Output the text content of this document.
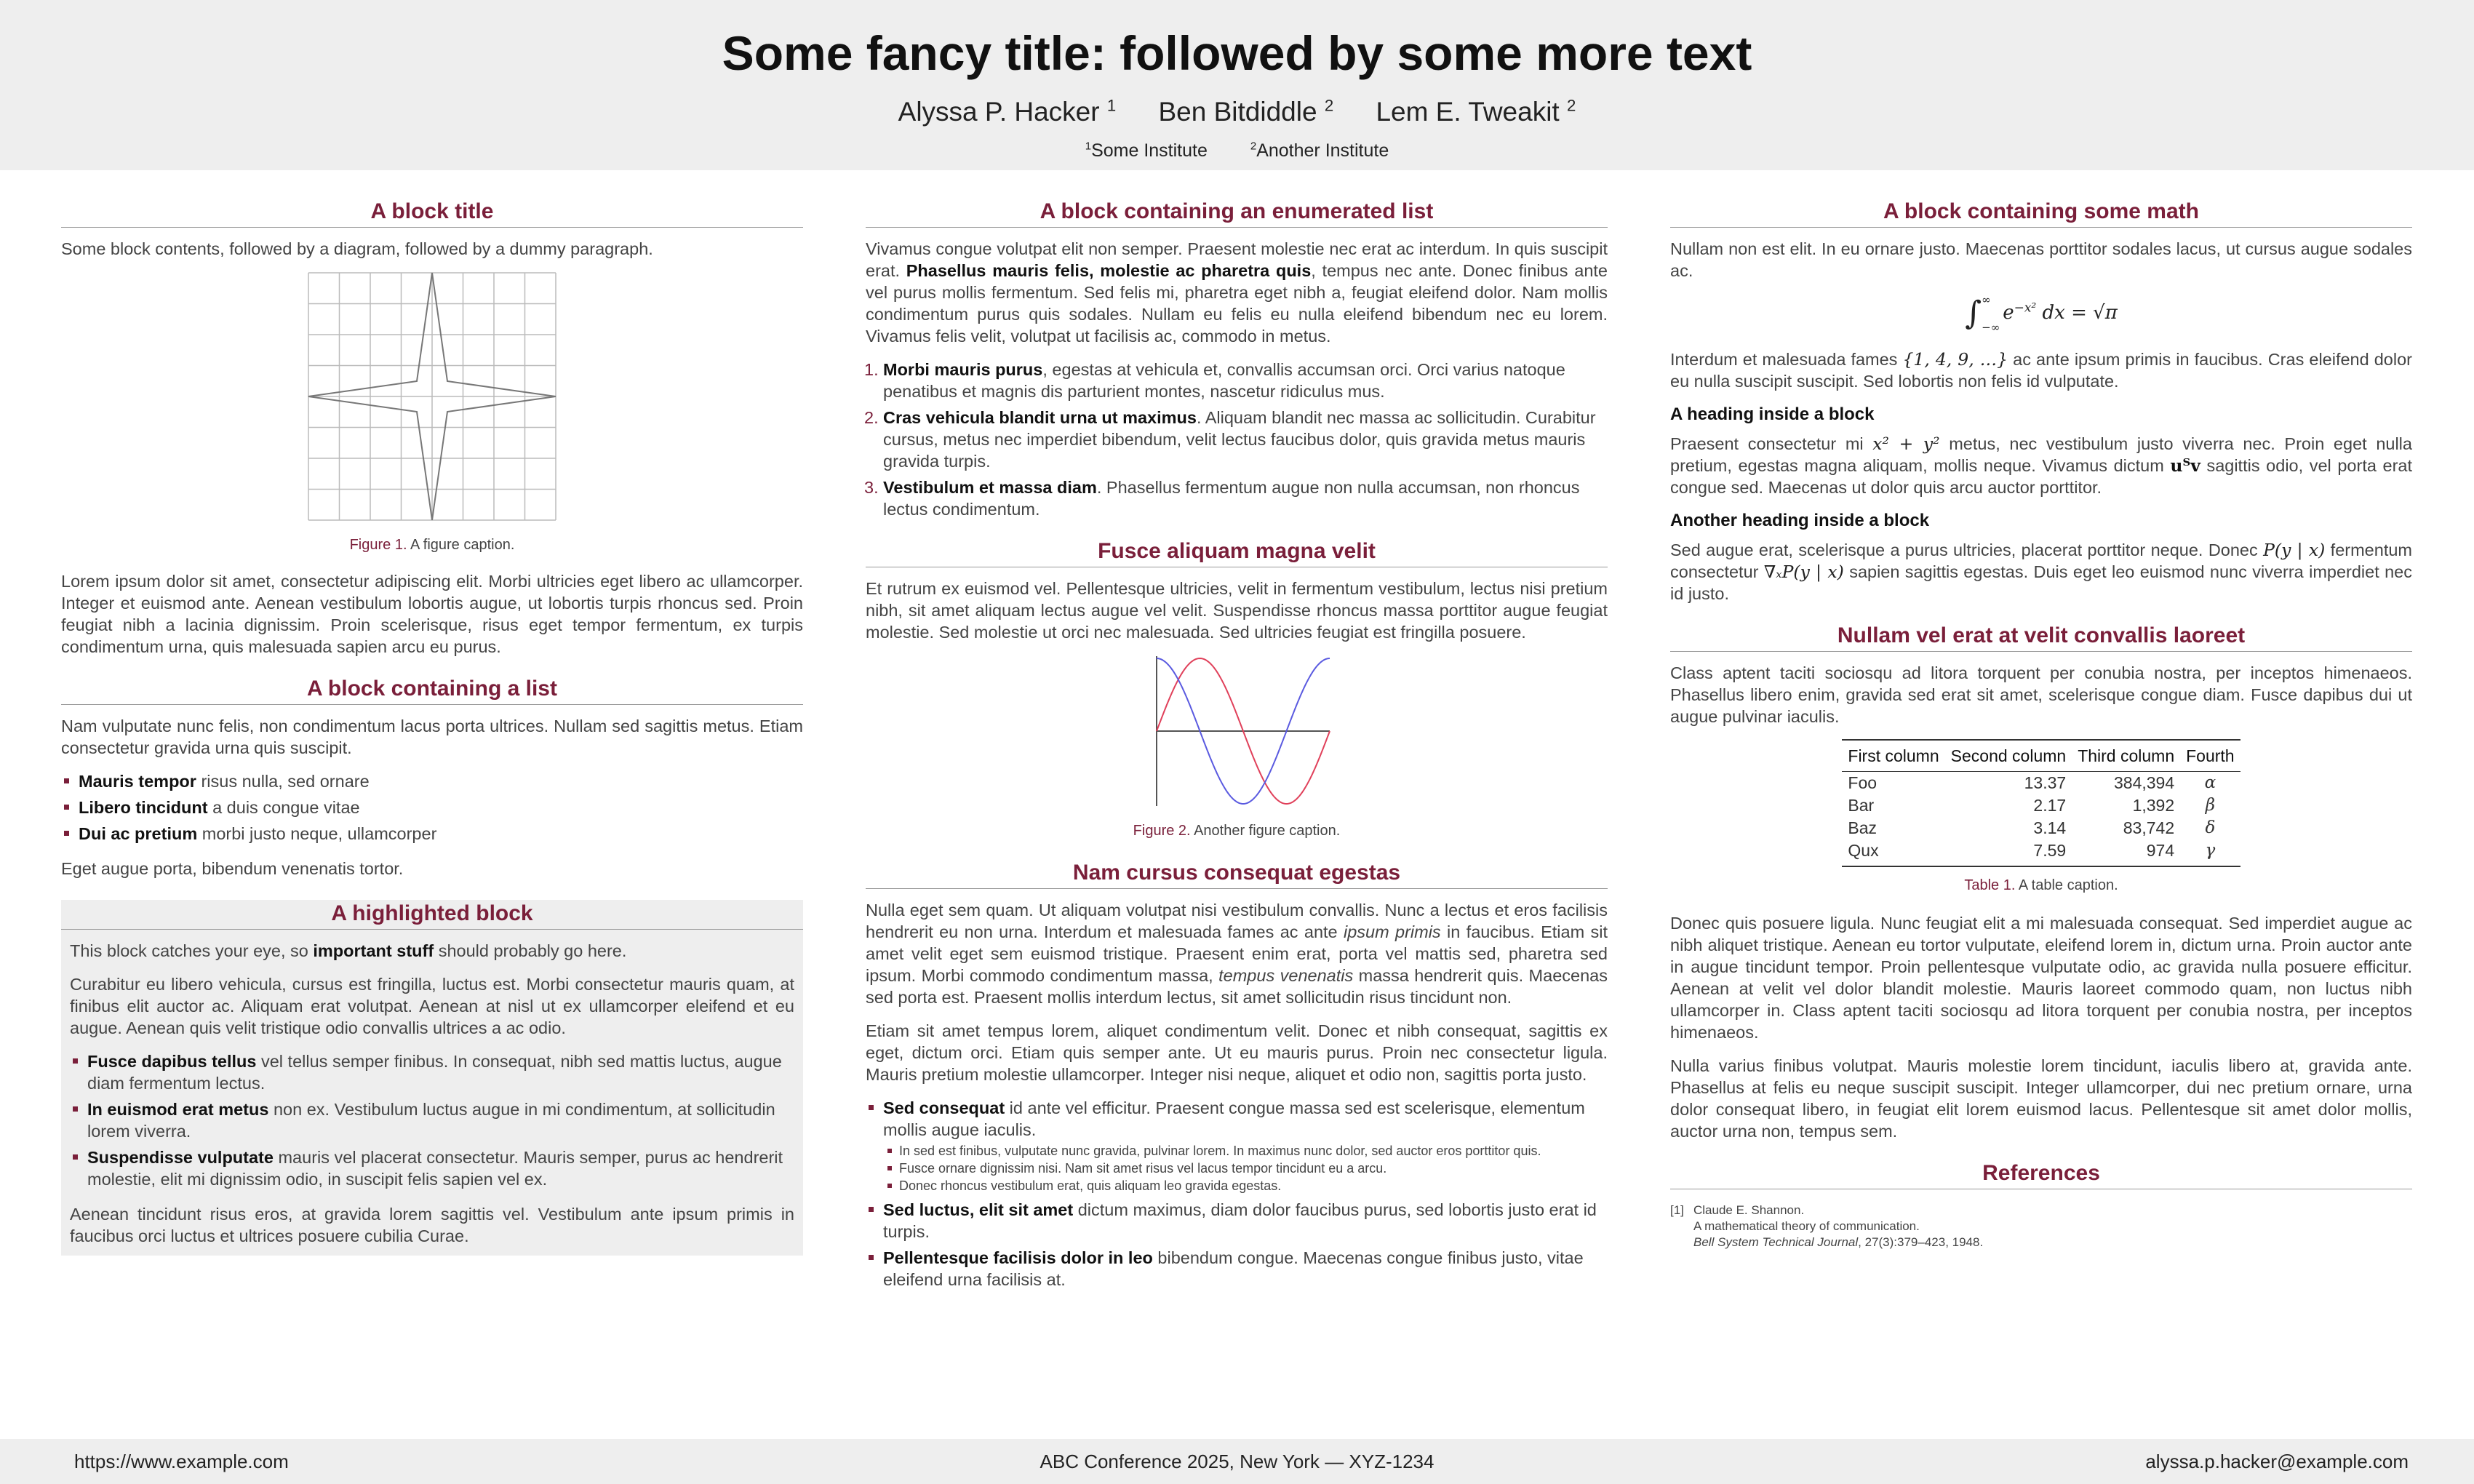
Some fancy title: followed by some more text
Alyssa P. Hacker $^1$ Ben Bitdiddle $^2$ Lem E. Tweakit $^2$
$^1$Some Institute	$^2$Another Institute
A block title

Some block contents, followed by a diagram, followed by a dummy paragraph.

Figure 1. A figure caption.

Lorem ipsum dolor sit amet, consectetur adipiscing elit. Morbi ultricies eget libero ac ullamcorper. Integer et euismod ante. Aenean vestibulum lobortis augue, ut lobortis turpis rhoncus sed. Proin feugiat nibh a lacinia dignissim. Proin scelerisque, risus eget tempor fermentum, ex turpis condimentum urna, quis malesuada sapien arcu eu purus.

A block containing a list

Nam vulputate nunc felis, non condimentum lacus porta ultrices. Nullam sed sagittis metus. Etiam consectetur gravida urna quis suscipit.

Mauris tempor risus nulla, sed ornare
Libero tincidunt a duis congue vitae
Dui ac pretium morbi justo neque, ullamcorper

Eget augue porta, bibendum venenatis tortor.

A highlighted block

This block catches your eye, so important stuff should probably go here.

Curabitur eu libero vehicula, cursus est fringilla, luctus est. Morbi consectetur mauris quam, at finibus elit auctor ac. Aliquam erat volutpat. Aenean at nisl ut ex ullamcorper eleifend et eu augue. Aenean quis velit tristique odio convallis ultrices a ac odio.

Fusce dapibus tellus vel tellus semper finibus. In consequat, nibh sed mattis luctus, augue diam fermentum lectus.
In euismod erat metus non ex. Vestibulum luctus augue in mi condimentum, at sollicitudin lorem viverra.
Suspendisse vulputate mauris vel placerat consectetur. Mauris semper, purus ac hendrerit molestie, elit mi dignissim odio, in suscipit felis sapien vel ex.

Aenean tincidunt risus eros, at gravida lorem sagittis vel. Vestibulum ante ipsum primis in faucibus orci luctus et ultrices posuere cubilia Curae.

A block containing an enumerated list

Vivamus congue volutpat elit non semper. Praesent molestie nec erat ac interdum. In quis suscipit erat. Phasellus mauris felis, molestie ac pharetra quis, tempus nec ante. Donec finibus ante vel purus mollis fermentum. Sed felis mi, pharetra eget nibh a, feugiat eleifend dolor. Nam mollis condimentum purus quis sodales. Nullam eu felis eu nulla eleifend bibendum nec eu lorem. Vivamus felis velit, volutpat ut facilisis ac, commodo in metus.

1. Morbi mauris purus, egestas at vehicula et, convallis accumsan orci. Orci varius natoque penatibus et magnis dis parturient montes, nascetur ridiculus mus.
2. Cras vehicula blandit urna ut maximus. Aliquam blandit nec massa ac sollicitudin. Curabitur cursus, metus nec imperdiet bibendum, velit lectus faucibus dolor, quis gravida metus mauris gravida turpis.
3. Vestibulum et massa diam. Phasellus fermentum augue non nulla accumsan, non rhoncus lectus condimentum.
Fusce aliquam magna velit

Et rutrum ex euismod vel. Pellentesque ultricies, velit in fermentum vestibulum, lectus nisi pretium nibh, sit amet aliquam lectus augue vel velit. Suspendisse rhoncus massa porttitor augue feugiat molestie. Sed molestie ut orci nec malesuada. Sed ultricies feugiat est fringilla posuere.

Figure 2. Another figure caption.
Nam cursus consequat egestas

Nulla eget sem quam. Ut aliquam volutpat nisi vestibulum convallis. Nunc a lectus et eros facilisis hendrerit eu non urna. Interdum et malesuada fames ac ante ipsum primis in faucibus. Etiam sit amet velit eget sem euismod tristique. Praesent enim erat, porta vel mattis sed, pharetra sed ipsum. Morbi commodo condimentum massa, tempus venenatis massa hendrerit quis. Maecenas sed porta est. Praesent mollis interdum lectus, sit amet sollicitudin risus tincidunt non.

Etiam sit amet tempus lorem, aliquet condimentum velit. Donec et nibh consequat, sagittis ex eget, dictum orci. Etiam quis semper ante. Ut eu mauris purus. Proin nec consectetur ligula. Mauris pretium molestie ullamcorper. Integer nisi neque, aliquet et odio non, sagittis porta justo.

Sed consequat id ante vel efficitur. Praesent congue massa sed est scelerisque, elementum mollis augue iaculis.
In sed est finibus, vulputate nunc gravida, pulvinar lorem. In maximus nunc dolor, sed auctor eros porttitor quis.
Fusce ornare dignissim nisi. Nam sit amet risus vel lacus tempor tincidunt eu a arcu.
Donec rhoncus vestibulum erat, quis aliquam leo gravida egestas.
Sed luctus, elit sit amet dictum maximus, diam dolor faucibus purus, sed lobortis justo erat id turpis.
Pellentesque facilisis dolor in leo bibendum congue. Maecenas congue finibus justo, vitae eleifend urna facilisis at.
A block containing some math

Nullam non est elit. In eu ornare justo. Maecenas porttitor sodales lacus, ut cursus augue sodales ac.

∫ ∞
−∞
$e^{-x^2}$ dx = √π

Interdum et malesuada fames {1, 4, 9, …} ac ante ipsum primis in faucibus. Cras eleifend dolor eu nulla suscipit suscipit. Sed lobortis non felis id vulputate.

A heading inside a block

Praesent consectetur mi x² + y² metus, nec vestibulum justo viverra nec. Proin eget nulla pretium, egestas magna aliquam, mollis neque. Vivamus dictum uᵀv sagittis odio, vel porta erat congue sed. Maecenas ut dolor quis arcu auctor porttitor.

Another heading inside a block

Sed augue erat, scelerisque a purus ultricies, placerat porttitor neque. Donec P(y | x) fermentum consectetur ∇ₓP(y | x) sapien sagittis egestas. Duis eget leo euismod nunc viverra imperdiet nec id justo.

Nullam vel erat at velit convallis laoreet

Class aptent taciti sociosqu ad litora torquent per conubia nostra, per inceptos himenaeos. Phasellus libero enim, gravida sed erat sit amet, scelerisque congue diam. Fusce dapibus dui ut augue pulvinar iaculis.

First column	Second column	Third column	Fourth
Foo	13.37	384,394	α
Bar	2.17	1,392	β
Baz	3.14	83,742	δ
Qux	7.59	974	γ
Table 1. A table caption.

Donec quis posuere ligula. Nunc feugiat elit a mi malesuada consequat. Sed imperdiet augue ac nibh aliquet tristique. Aenean eu tortor vulputate, eleifend lorem in, dictum urna. Proin auctor ante in augue tincidunt tempor. Proin pellentesque vulputate odio, ac gravida nulla posuere efficitur. Aenean at velit vel dolor blandit molestie. Mauris laoreet commodo quam, non luctus nibh ullamcorper in. Class aptent taciti sociosqu ad litora torquent per conubia nostra, per inceptos himenaeos.

Nulla varius finibus volutpat. Mauris molestie lorem tincidunt, iaculis libero at, gravida ante. Phasellus at felis eu neque suscipit suscipit. Integer ullamcorper, dui nec pretium ornare, urna dolor consequat libero, in feugiat elit lorem euismod lacus. Pellentesque sit amet dolor mollis, auctor urna non, tempus sem.

References
[1] Claude E. Shannon.
A mathematical theory of communication.
Bell System Technical Journal, 27(3):379–423, 1948.
https://www.example.com	ABC Conference 2025, New York — XYZ-1234	alyssa.p.hacker@example.com
